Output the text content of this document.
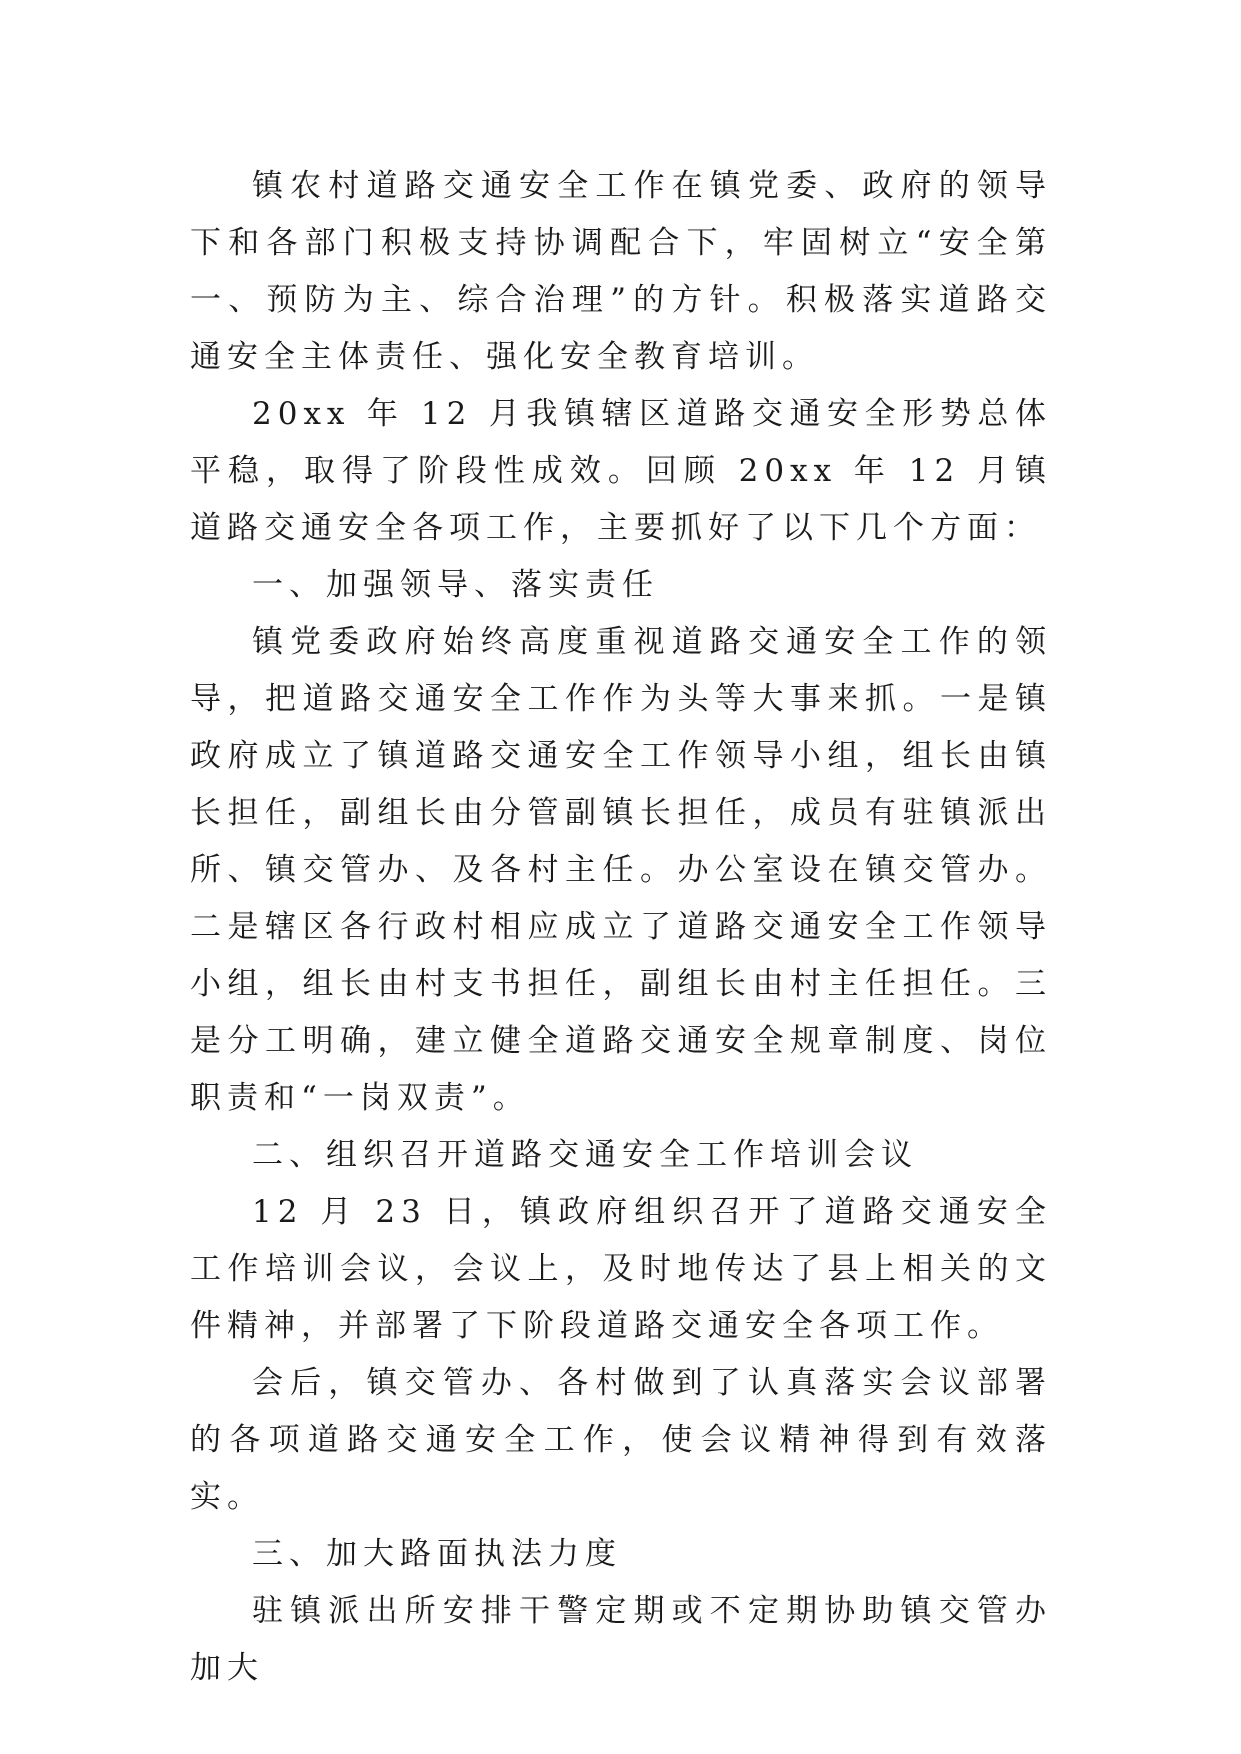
镇农村道路交通安全工作在镇党委、政府的领导下和各部门积极支持协调配合下，牢固树立“安全第一、预防为主、综合治理”的方针。积极落实道路交通安全主体责任、强化安全教育培训。

20xx 年 12 月我镇辖区道路交通安全形势总体平稳，取得了阶段性成效。回顾 20xx 年 12 月镇道路交通安全各项工作，主要抓好了以下几个方面：

一、加强领导、落实责任

镇党委政府始终高度重视道路交通安全工作的领导，把道路交通安全工作作为头等大事来抓。一是镇政府成立了镇道路交通安全工作领导小组，组长由镇长担任，副组长由分管副镇长担任，成员有驻镇派出所、镇交管办、及各村主任。办公室设在镇交管办。二是辖区各行政村相应成立了道路交通安全工作领导小组，组长由村支书担任，副组长由村主任担任。三是分工明确，建立健全道路交通安全规章制度、岗位职责和“一岗双责”。

二、组织召开道路交通安全工作培训会议

12 月 23 日，镇政府组织召开了道路交通安全工作培训会议，会议上，及时地传达了县上相关的文件精神，并部署了下阶段道路交通安全各项工作。

会后，镇交管办、各村做到了认真落实会议部署的各项道路交通安全工作，使会议精神得到有效落实。

三、加大路面执法力度

驻镇派出所安排干警定期或不定期协助镇交管办加大
